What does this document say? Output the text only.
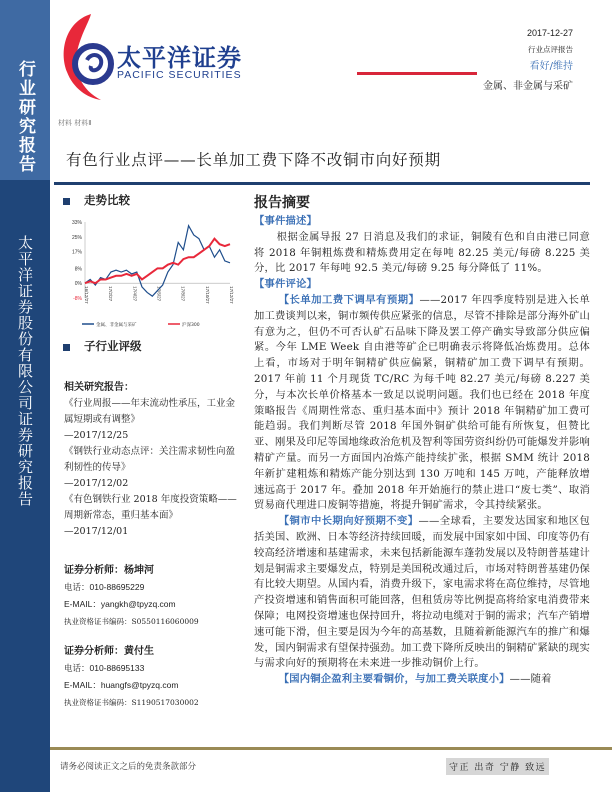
行业研究报告
太平洋证券股份有限公司证券研究报告
太平洋证券
PACIFIC SECURITIES
2017-12-27
行业点评报告
看好/维持
金属、非金属与采矿
材料 材料Ⅱ
有色行业点评——长单加工费下降不改铜市向好预期
走势比较
33%
25%
17%
8%
0%
-8% 16/12/27	17/2/27	17/4/27	17/6/27	17/8/27	17/10/27	17/12/27
金属、非金属与采矿	沪深300
子行业评级
相关研究报告：
《行业周报——年末流动性承压，工业金属短期或有调整》
—2017/12/25
《钢铁行业动态点评：关注需求韧性向盈利韧性的传导》
—2017/12/02
《有色钢铁行业 2018 年度投资策略——周期新常态，重归基本面》
—2017/12/01
证券分析师：杨坤河
电话：010-88695229
E-MAIL：yangkh@tpyzq.com
执业资格证书编码：S0550116060009
证券分析师：黄付生
电话：010-88695133
E-MAIL：huangfs@tpyzq.com
执业资格证书编码：S1190517030002
报告摘要

【事件描述】

根据金属导报 27 日消息及我们的求证，铜陵有色和自由港已同意将 2018 年铜粗炼费和精炼费用定在每吨 82.25 美元/每磅 8.225 美分，比 2017 年每吨 92.5 美元/每磅 9.25 每分降低了 11%。

【事件评论】

【长单加工费下调早有预期】——2017 年四季度特别是进入长单加工费谈判以来，铜市频传供应紧张的信息，尽管不排除是部分海外矿山有意为之，但仍不可否认矿石品味下降及罢工停产确实导致部分供应偏紧。今年 LME Week 自由港等矿企已明确表示将降低冶炼费用。总体上看，市场对于明年铜精矿供应偏紧，铜精矿加工费下调早有预期。2017 年前 11 个月现货 TC/RC 为每千吨 82.27 美元/每磅 8.227 美分，与本次长单价格基本一致足以说明问题。我们也已经在 2018 年度策略报告《周期性常态、重归基本面中》预计 2018 年铜精矿加工费可能趋弱。我们判断尽管 2018 年国外铜矿供给可能有所恢复，但赞比亚、刚果及印尼等国地缘政治危机及智利等国劳资纠纷仍可能爆发并影响精矿产量。而另一方面国内冶炼产能持续扩张，根据 SMM 统计 2018 年新扩建粗炼和精炼产能分别达到 130 万吨和 145 万吨，产能释放增速远高于 2017 年。叠加 2018 年开始施行的禁止进口“废七类”、取消贸易商代理进口废铜等措施，将提升铜矿需求，令其持续紧张。

【铜市中长期向好预期不变】——全球看，主要发达国家和地区包括美国、欧洲、日本等经济持续回暖，而发展中国家如中国、印度等仍有较高经济增速和基建需求，未来包括新能源车蓬勃发展以及特朗普基建计划是铜需求主要爆发点，特别是美国税改通过后，市场对特朗普基建仍保有比较大期望。从国内看，消费升级下，家电需求将在高位维持，尽管地产投资增速和销售面积可能回落，但租赁房等比例提高将给家电消费带来保障；电网投资增速也保持回升，将拉动电缆对于铜的需求；汽车产销增速可能下滑，但主要是因为今年的高基数，且随着新能源汽车的推广和爆发，国内铜需求有望保持强劲。加工费下降所反映出的铜精矿紧缺的现实与需求向好的预期将在未来进一步推动铜价上行。

【国内铜企盈利主要看铜价，与加工费关联度小】——随着

请务必阅读正文之后的免责条款部分	守正 出奇 宁静 致远
